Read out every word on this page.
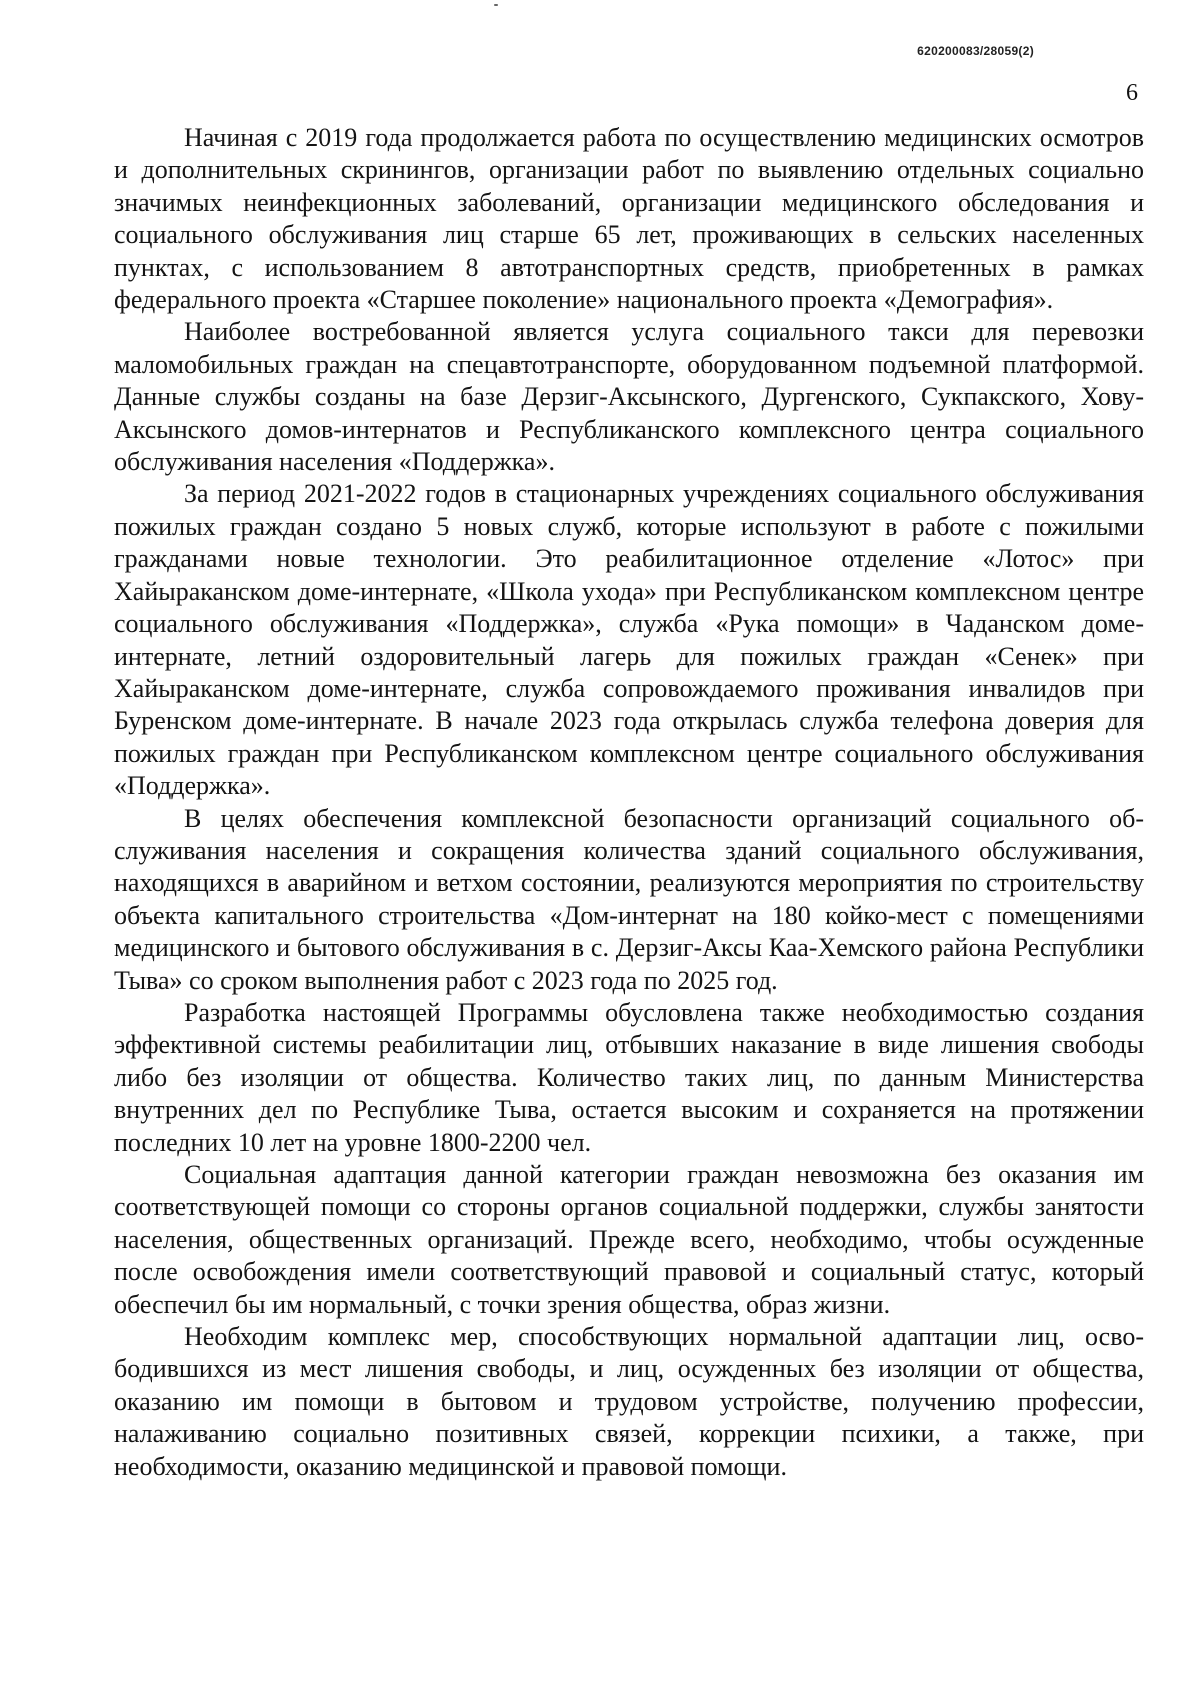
620200083/28059(2)
6

Начиная с 2019 года продолжается работа по осуществлению медицинских осмотров и дополнительных скринингов, организации работ по выявлению отдельных социально значимых неинфекционных заболеваний, организации медицинского обследования и социального обслуживания лиц старше 65 лет, проживающих в сельских населенных пунктах, с использованием 8 автотранспортных средств, приобретенных в рамках федерального проекта «Старшее поколение» национального проекта «Демография».

Наиболее востребованной является услуга социального такси для перевозки маломобильных граждан на спецавтотранспорте, оборудованном подъемной платформой. Данные службы созданы на базе Дерзиг-Аксынского, Дургенского, Сукпакского, Хову-Аксынского домов-интернатов и Республиканского комплексного центра социального обслуживания населения «Поддержка».

За период 2021-2022 годов в стационарных учреждениях социального обслуживания пожилых граждан создано 5 новых служб, которые используют в работе с пожилыми гражданами новые технологии. Это реабилитационное отделение «Лотос» при Хайыраканском доме-интернате, «Школа ухода» при Республиканском комплексном центре социального обслуживания «Поддержка», служба «Рука помощи» в Чаданском доме-интернате, летний оздоровительный лагерь для пожилых граждан «Сенек» при Хайыраканском доме-интернате, служба сопровождаемого проживания инвалидов при Буренском доме-интернате. В начале 2023 года открылась служба телефона доверия для пожилых граждан при Республиканском комплексном центре социального обслуживания «Поддержка».

В целях обеспечения комплексной безопасности организаций социального обслуживания населения и сокращения количества зданий социального обслуживания, находящихся в аварийном и ветхом состоянии, реализуются мероприятия по строительству объекта капитального строительства «Дом-интернат на 180 койко-мест с помещениями медицинского и бытового обслуживания в с. Дерзиг-Аксы Каа-Хемского района Республики Тыва» со сроком выполнения работ с 2023 года по 2025 год.

Разработка настоящей Программы обусловлена также необходимостью создания эффективной системы реабилитации лиц, отбывших наказание в виде лишения свободы либо без изоляции от общества. Количество таких лиц, по данным Министерства внутренних дел по Республике Тыва, остается высоким и сохраняется на протяжении последних 10 лет на уровне 1800-2200 чел.

Социальная адаптация данной категории граждан невозможна без оказания им соответствующей помощи со стороны органов социальной поддержки, службы занятости населения, общественных организаций. Прежде всего, необходимо, чтобы осужденные после освобождения имели соответствующий правовой и социальный статус, который обеспечил бы им нормальный, с точки зрения общества, образ жизни.

Необходим комплекс мер, способствующих нормальной адаптации лиц, освободившихся из мест лишения свободы, и лиц, осужденных без изоляции от общества, оказанию им помощи в бытовом и трудовом устройстве, получению профессии, налаживанию социально позитивных связей, коррекции психики, а также, при необходимости, оказанию медицинской и правовой помощи.
